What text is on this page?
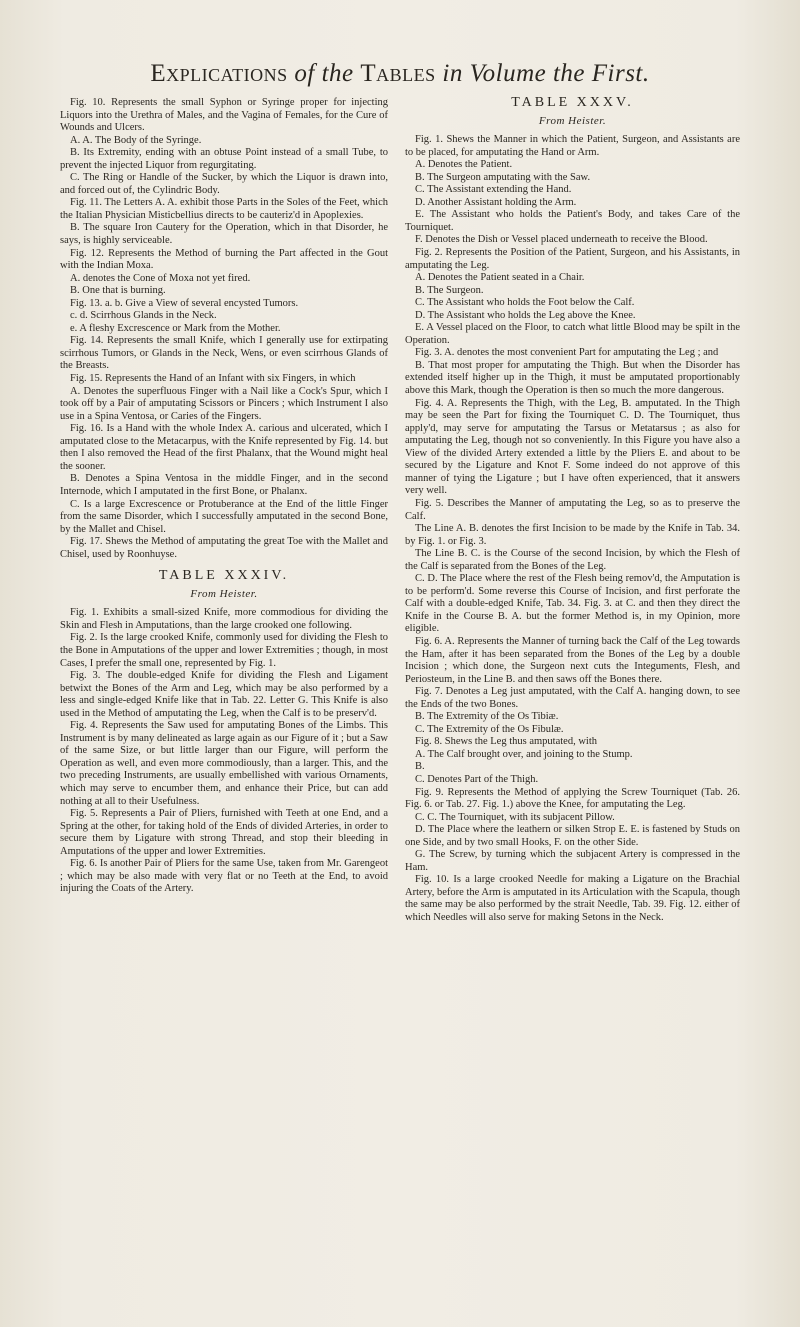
Explications of the Tables in Volume the First.

Fig. 10. Represents the small Syphon or Syringe proper for injecting Liquors into the Urethra of Males, and the Vagina of Females, for the Cure of Wounds and Ulcers.

A. A. The Body of the Syringe.

B. Its Extremity, ending with an obtuse Point instead of a small Tube, to prevent the injected Liquor from regurgitating.

C. The Ring or Handle of the Sucker, by which the Liquor is drawn into, and forced out of, the Cylindric Body.

Fig. 11. The Letters A. A. exhibit those Parts in the Soles of the Feet, which the Italian Physician Misticbellius directs to be cauteriz'd in Apoplexies.

B. The square Iron Cautery for the Operation, which in that Disorder, he says, is highly serviceable.

Fig. 12. Represents the Method of burning the Part affected in the Gout with the Indian Moxa.

A. denotes the Cone of Moxa not yet fired.

B. One that is burning.

Fig. 13. a. b. Give a View of several encysted Tumors.

c. d. Scirrhous Glands in the Neck.

e. A fleshy Excrescence or Mark from the Mother.

Fig. 14. Represents the small Knife, which I generally use for extirpating scirrhous Tumors, or Glands in the Neck, Wens, or even scirrhous Glands of the Breasts.

Fig. 15. Represents the Hand of an Infant with six Fingers, in which

A. Denotes the superfluous Finger with a Nail like a Cock's Spur, which I took off by a Pair of amputating Scissors or Pincers ; which Instrument I also use in a Spina Ventosa, or Caries of the Fingers.

Fig. 16. Is a Hand with the whole Index A. carious and ulcerated, which I amputated close to the Metacarpus, with the Knife represented by Fig. 14. but then I also removed the Head of the first Phalanx, that the Wound might heal the sooner.

B. Denotes a Spina Ventosa in the middle Finger, and in the second Internode, which I amputated in the first Bone, or Phalanx.

C. Is a large Excrescence or Protuberance at the End of the little Finger from the same Disorder, which I successfully amputated in the second Bone, by the Mallet and Chisel.

Fig. 17. Shews the Method of amputating the great Toe with the Mallet and Chisel, used by Roonhuyse.

TABLE XXXIV.
From Heister.

Fig. 1. Exhibits a small-sized Knife, more commodious for dividing the Skin and Flesh in Amputations, than the large crooked one following.

Fig. 2. Is the large crooked Knife, commonly used for dividing the Flesh to the Bone in Amputations of the upper and lower Extremities ; though, in most Cases, I prefer the small one, represented by Fig. 1.

Fig. 3. The double-edged Knife for dividing the Flesh and Ligament betwixt the Bones of the Arm and Leg, which may be also performed by a less and single-edged Knife like that in Tab. 22. Letter G. This Knife is also used in the Method of amputating the Leg, when the Calf is to be preserv'd.

Fig. 4. Represents the Saw used for amputating Bones of the Limbs. This Instrument is by many delineated as large again as our Figure of it ; but a Saw of the same Size, or but little larger than our Figure, will perform the Operation as well, and even more commodiously, than a larger. This, and the two preceding Instruments, are usually embellished with various Ornaments, which may serve to encumber them, and enhance their Price, but can add nothing at all to their Usefulness.

Fig. 5. Represents a Pair of Pliers, furnished with Teeth at one End, and a Spring at the other, for taking hold of the Ends of divided Arteries, in order to secure them by Ligature with strong Thread, and stop their bleeding in Amputations of the upper and lower Extremities.

Fig. 6. Is another Pair of Pliers for the same Use, taken from Mr. Garengeot ; which may be also made with very flat or no Teeth at the End, to avoid injuring the Coats of the Artery.

TABLE XXXV.
From Heister.

Fig. 1. Shews the Manner in which the Patient, Surgeon, and Assistants are to be placed, for amputating the Hand or Arm.

A. Denotes the Patient.

B. The Surgeon amputating with the Saw.

C. The Assistant extending the Hand.

D. Another Assistant holding the Arm.

E. The Assistant who holds the Patient's Body, and takes Care of the Tourniquet.

F. Denotes the Dish or Vessel placed underneath to receive the Blood.

Fig. 2. Represents the Position of the Patient, Surgeon, and his Assistants, in amputating the Leg.

A. Denotes the Patient seated in a Chair.

B. The Surgeon.

C. The Assistant who holds the Foot below the Calf.

D. The Assistant who holds the Leg above the Knee.

E. A Vessel placed on the Floor, to catch what little Blood may be spilt in the Operation.

Fig. 3. A. denotes the most convenient Part for amputating the Leg ; and

B. That most proper for amputating the Thigh. But when the Disorder has extended itself higher up in the Thigh, it must be amputated proportionably above this Mark, though the Operation is then so much the more dangerous.

Fig. 4. A. Represents the Thigh, with the Leg, B. amputated. In the Thigh may be seen the Part for fixing the Tourniquet C. D. The Tourniquet, thus apply'd, may serve for amputating the Tarsus or Metatarsus ; as also for amputating the Leg, though not so conveniently. In this Figure you have also a View of the divided Artery extended a little by the Pliers E. and about to be secured by the Ligature and Knot F. Some indeed do not approve of this manner of tying the Ligature ; but I have often experienced, that it answers very well.

Fig. 5. Describes the Manner of amputating the Leg, so as to preserve the Calf.

The Line A. B. denotes the first Incision to be made by the Knife in Tab. 34. by Fig. 1. or Fig. 3.

The Line B. C. is the Course of the second Incision, by which the Flesh of the Calf is separated from the Bones of the Leg.

C. D. The Place where the rest of the Flesh being remov'd, the Amputation is to be perform'd. Some reverse this Course of Incision, and first perforate the Calf with a double-edged Knife, Tab. 34. Fig. 3. at C. and then they direct the Knife in the Course B. A. but the former Method is, in my Opinion, more eligible.

Fig. 6. A. Represents the Manner of turning back the Calf of the Leg towards the Ham, after it has been separated from the Bones of the Leg by a double Incision ; which done, the Surgeon next cuts the Integuments, Flesh, and Periosteum, in the Line B. and then saws off the Bones there.

Fig. 7. Denotes a Leg just amputated, with the Calf A. hanging down, to see the Ends of the two Bones.

B. The Extremity of the Os Tibiæ.

C. The Extremity of the Os Fibulæ.

Fig. 8. Shews the Leg thus amputated, with

A. The Calf brought over, and joining to the Stump.

B.

C. Denotes Part of the Thigh.

Fig. 9. Represents the Method of applying the Screw Tourniquet (Tab. 26. Fig. 6. or Tab. 27. Fig. 1.) above the Knee, for amputating the Leg.

C. C. The Tourniquet, with its subjacent Pillow.

D. The Place where the leathern or silken Strop E. E. is fastened by Studs on one Side, and by two small Hooks, F. on the other Side.

G. The Screw, by turning which the subjacent Artery is compressed in the Ham.

Fig. 10. Is a large crooked Needle for making a Ligature on the Brachial Artery, before the Arm is amputated in its Articulation with the Scapula, though the same may be also performed by the strait Needle, Tab. 39. Fig. 12. either of which Needles will also serve for making Setons in the Neck.
